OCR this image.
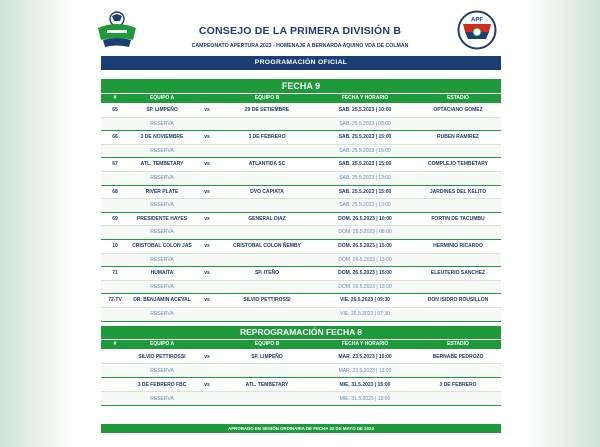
CONSEJO DE LA PRIMERA DIVISIÓN B
CAMPEONATO APERTURA 2023 - HOMENAJE A BERNARDA AQUINO VDA DE COLMAN
APF
PROGRAMACIÓN OFICIAL
FECHA 9
#	EQUIPO A	EQUIPO B	FECHA Y HORARIO	ESTADIO
65	SP. LIMPEÑO	vs	29 DE SETIEMBRE	SAB. 25.5.2023 | 10:00	OPTACIANO GOMEZ
RESERVA	SAB. 25.5.2023 | 08:00
66	3 DE NOVIEMBRE	vs	3 DE FEBRERO	SAB. 25.5.2023 | 15:00	RUBEN RAMIREZ
RESERVA	SAB. 25.5.2023 | 15:00
67	ATL. TEMBETARY	vs	ATLANTIDA SC	SAB. 25.5.2023 | 15:00	COMPLEJO TEMBETARY
RESERVA	SAB. 25.5.2023 | 13:00
68	RIVER PLATE	vs	DVO CAPIATA	SAB. 25.5.2023 | 15:00	JARDINES DEL KELITO
RESERVA	SAB. 25.5.2023 | 13:00
69	PRESIDENTE HAYES	vs	GENERAL DIAZ	DOM. 26.5.2023 | 10:00	FORTIN DE TACUMBU
RESERVA	DOM. 26.5.2023 | 08:00
10	CRISTOBAL COLON JAS	vs	CRISTOBAL COLON ÑEMBY	DOM. 26.5.2023 | 15:00	HERMINIO RICARDO
RESERVA	DOM. 26.5.2023 | 13:00
71	HUMAITA	vs	SP. ITEÑO	DOM. 26.5.2023 | 15:00	ELEUTERIO SANCHEZ
RESERVA	DOM. 26.5.2023 | 13:00
72-TV	DR. BENJAMIN ACEVAL	vs	SILVIO PETTIROSSI	VIE. 26.5.2023 | 09:30	DON ISIDRO ROUSILLON
RESERVA	VIE. 26.5.2023 | 07:30
REPROGRAMACIÓN FECHA 8
#	EQUIPO A	EQUIPO B	FECHA Y HORARIO	ESTADIO
SILVIO PETTIROSSI	vs	SP. LIMPEÑO	MAR. 23.5.2023 | 15:00	BERNABE PEDROZO
RESERVA	MAR. 23.5.2023 | 13:00
3 DE FEBRERO FBC	vs	ATL. TEMBETARY	MIE. 31.5.2023 | 15:00	3 DE FEBRERO
RESERVA	MIE. 31.5.2023 | 13:00
APROBADO EN SESIÓN ORDINARIA DE FECHA 22 DE MAYO DE 2023
